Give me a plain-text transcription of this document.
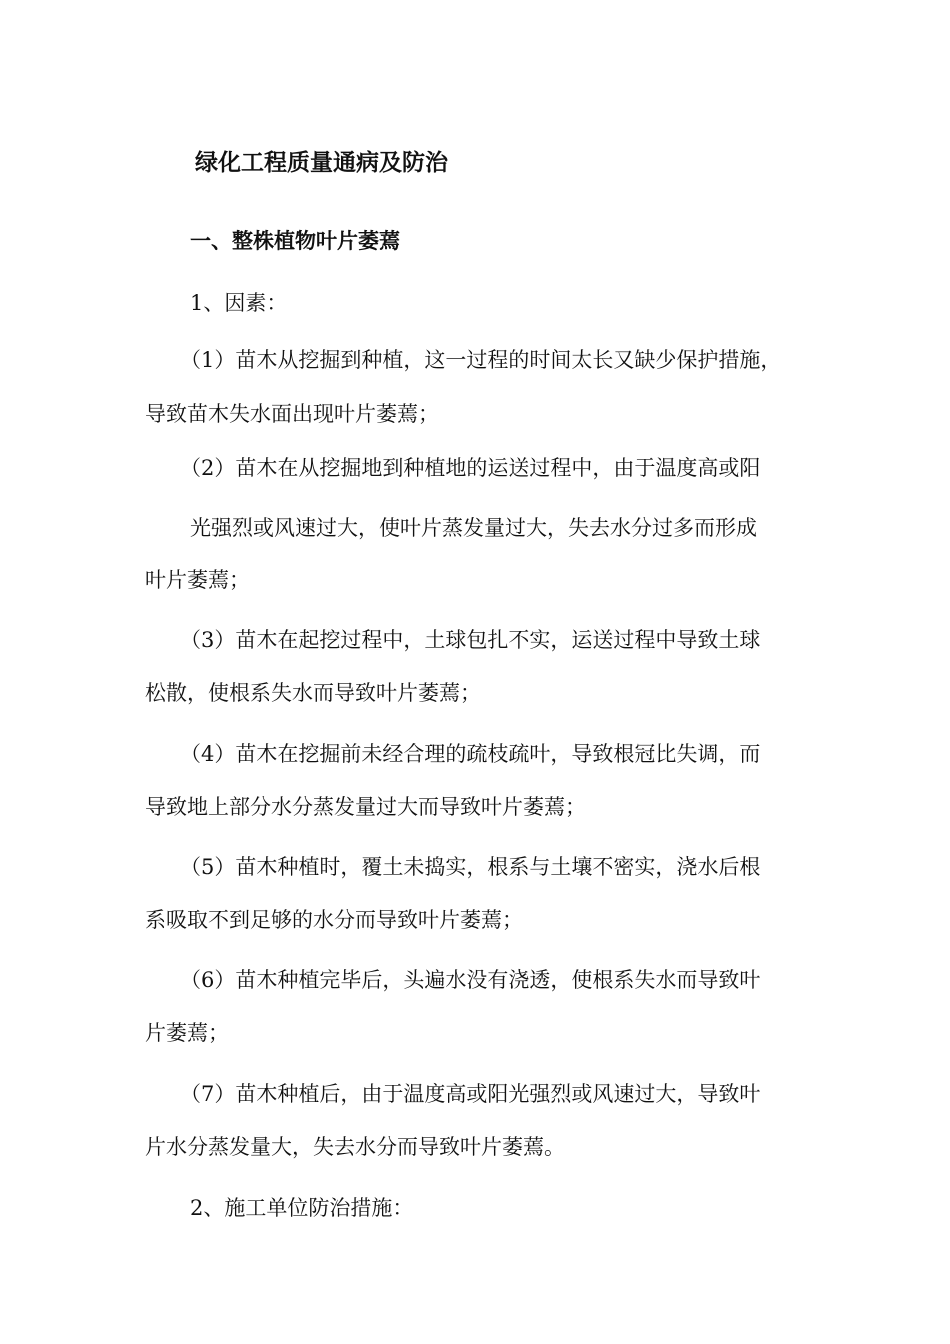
绿化工程质量通病及防治
一、整株植物叶片萎蔫
1、因素：
（1）苗木从挖掘到种植，这一过程的时间太长又缺少保护措施，
导致苗木失水面出现叶片萎蔫；
（2）苗木在从挖掘地到种植地的运送过程中，由于温度高或阳
光强烈或风速过大，使叶片蒸发量过大，失去水分过多而形成
叶片萎蔫；
（3）苗木在起挖过程中，土球包扎不实，运送过程中导致土球
松散，使根系失水而导致叶片萎蔫；
（4）苗木在挖掘前未经合理的疏枝疏叶，导致根冠比失调，而
导致地上部分水分蒸发量过大而导致叶片萎蔫；
（5）苗木种植时，覆土未捣实，根系与土壤不密实，浇水后根
系吸取不到足够的水分而导致叶片萎蔫；
（6）苗木种植完毕后，头遍水没有浇透，使根系失水而导致叶
片萎蔫；
（7）苗木种植后，由于温度高或阳光强烈或风速过大，导致叶
片水分蒸发量大，失去水分而导致叶片萎蔫。
2、施工单位防治措施：
